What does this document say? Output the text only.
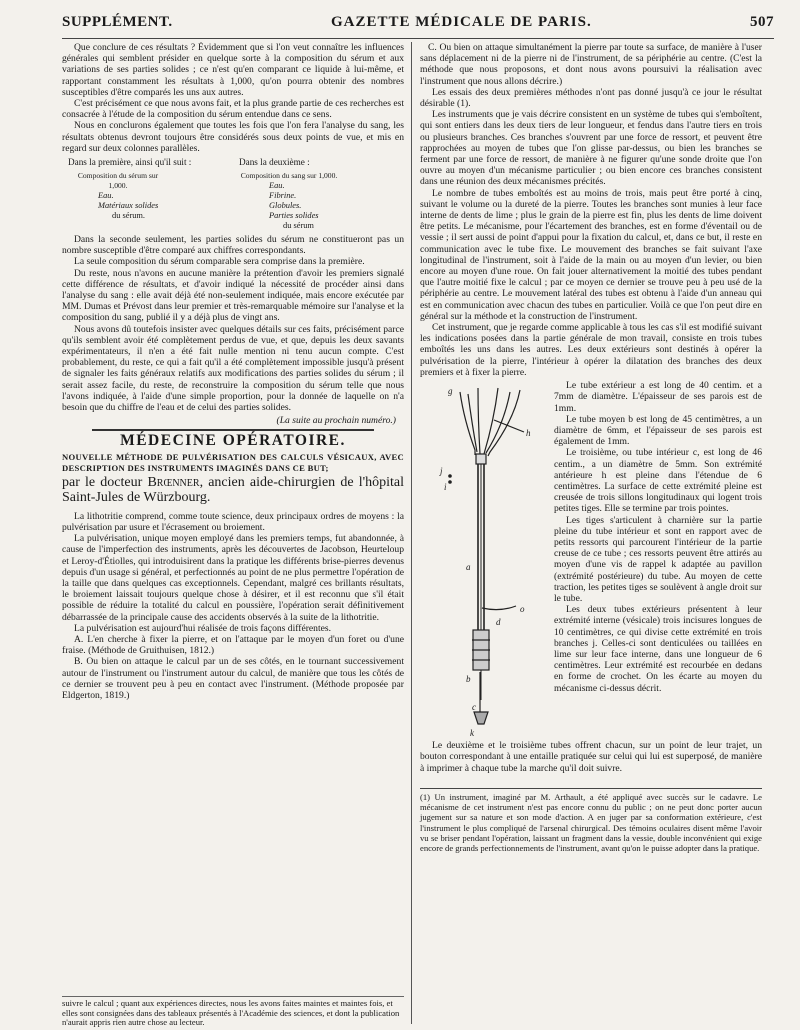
SUPPLÉMENT.	GAZETTE MÉDICALE DE PARIS.	507

Que conclure de ces résultats ? Évidemment que si l'on veut connaître les influences générales qui semblent présider en quelque sorte à la composition du sérum et aux variations de ses parties solides ; ce n'est qu'en comparant ce liquide à lui-même, et rapportant constamment les résultats à 1,000, qu'on pourra obtenir des nombres susceptibles d'être comparés les uns aux autres.

C'est précisément ce que nous avons fait, et la plus grande partie de ces recherches est consacrée à l'étude de la composition du sérum entendue dans ce sens.

Nous en conclurons également que toutes les fois que l'on fera l'analyse du sang, les résultats obtenus devront toujours être considérés sous deux points de vue, et mis en regard sur deux colonnes parallèles.

Dans la première, ainsi qu'il suit :
Composition du sérum sur 1,000.
Eau.
Matériaux solides
du sérum.
Dans la deuxième :
Composition du sang sur 1,000.
Eau.
Fibrine.
Globules.
Parties solides
du sérum

Dans la seconde seulement, les parties solides du sérum ne constitueront pas un nombre susceptible d'être comparé aux chiffres correspondants.

La seule composition du sérum comparable sera comprise dans la première.

Du reste, nous n'avons en aucune manière la prétention d'avoir les premiers signalé cette différence de résultats, et d'avoir indiqué la nécessité de procéder ainsi dans l'analyse du sang : elle avait déjà été non-seulement indiquée, mais encore exécutée par MM. Dumas et Prévost dans leur premier et très-remarquable mémoire sur l'analyse et la composition du sang, publié il y a déjà plus de vingt ans.

Nous avons dû toutefois insister avec quelques détails sur ces faits, précisément parce qu'ils semblent avoir été complètement perdus de vue, et que, depuis les deux savants expérimentateurs, il n'en a été fait nulle mention ni tenu aucun compte. C'est probablement, du reste, ce qui a fait qu'il a été complètement impossible jusqu'à présent de signaler les faits généraux relatifs aux modifications des parties solides du sérum ; il serait assez facile, du reste, de reconstruire la composition du sérum telle que nous l'avons indiquée, à l'aide d'une simple proportion, pour la donnée de laquelle on n'a besoin que du chiffre de l'eau et de celui des parties solides.

(La suite au prochain numéro.)
MÉDECINE OPÉRATOIRE.
NOUVELLE MÉTHODE DE PULVÉRISATION DES CALCULS VÉSICAUX, AVEC DESCRIPTION DES INSTRUMENTS IMAGINÉS DANS CE BUT;
par le docteur Brœnner, ancien aide-chirurgien de l'hôpital Saint-Jules de Würzbourg.

La lithotritie comprend, comme toute science, deux principaux ordres de moyens : la pulvérisation par usure et l'écrasement ou broiement.

La pulvérisation, unique moyen employé dans les premiers temps, fut abandonnée, à cause de l'imperfection des instruments, après les découvertes de Jacobson, Heurteloup et Leroy-d'Étiolles, qui introduisirent dans la pratique les différents brise-pierres devenus depuis d'un usage si général, et perfectionnés au point de ne plus permettre l'opération de la taille que dans quelques cas exceptionnels. Cependant, malgré ces brillants résultats, le broiement laissait toujours quelque chose à désirer, et il est reconnu que s'il était possible de réduire la totalité du calcul en poussière, l'opération serait définitivement débarrassée de la principale cause des accidents observés à la suite de la lithotritie.

La pulvérisation est aujourd'hui réalisée de trois façons différentes.

A. L'en cherche à fixer la pierre, et on l'attaque par le moyen d'un foret ou d'une fraise. (Méthode de Gruithuisen, 1812.)

B. Ou bien on attaque le calcul par un de ses côtés, en le tournant successivement autour de l'instrument ou l'instrument autour du calcul, de manière que tous les côtés de ce dernier se trouvent peu à peu en contact avec l'instrument. (Méthode proposée par Eldgerton, 1819.)

C. Ou bien on attaque simultanément la pierre par toute sa surface, de manière à l'user sans déplacement ni de la pierre ni de l'instrument, de sa périphérie au centre. (C'est la méthode que nous proposons, et dont nous avons poursuivi la réalisation avec l'instrument que nous allons décrire.)

Les essais des deux premières méthodes n'ont pas donné jusqu'à ce jour le résultat désirable (1).

Les instruments que je vais décrire consistent en un système de tubes qui s'emboîtent, qui sont entiers dans les deux tiers de leur longueur, et fendus dans l'autre tiers en trois ou plusieurs branches. Ces branches s'ouvrent par une force de ressort, et peuvent être rapprochées au moyen de tubes que l'on glisse par-dessus, ou bien les branches se ferment par une force de ressort, de manière à ne figurer qu'une sonde droite que l'on ouvre au moyen d'un mécanisme particulier ; ou bien encore ces branches consistent dans une réunion des deux mécanismes précités.

Le nombre de tubes emboîtés est au moins de trois, mais peut être porté à cinq, suivant le volume ou la dureté de la pierre. Toutes les branches sont munies à leur face interne de dents de lime ; plus le grain de la pierre est fin, plus les dents de lime doivent être petits. Le mécanisme, pour l'écartement des branches, est en forme d'éventail ou de vessie ; il sert aussi de point d'appui pour la fixation du calcul, et, dans ce but, il reste en communication avec le tube fixe. Le mouvement des branches se fait suivant l'axe longitudinal de l'instrument, soit à l'aide de la main ou au moyen d'un levier, ou bien encore au moyen d'une roue. On fait jouer alternativement la moitié des tubes pendant que l'autre moitié fixe le calcul ; par ce moyen ce dernier se trouve peu à peu usé de la périphérie au centre. Le mouvement latéral des tubes est obtenu à l'aide d'un anneau qui est en communication avec chacun des tubes en particulier. Voilà ce que l'on peut dire en général sur la méthode et la construction de l'instrument.

Cet instrument, que je regarde comme applicable à tous les cas s'il est modifié suivant les indications posées dans la partie générale de mon travail, consiste en trois tubes emboîtés les uns dans les autres. Les deux extérieurs sont destinés à opérer la pulvérisation de la pierre, l'intérieur à opérer la dilatation des branches des deux premiers et à fixer la pierre.

g
h
i
j
a
b
c
d
k
o

Le tube extérieur a est long de 40 centim. et a 7mm de diamètre. L'épaisseur de ses parois est de 1mm.

Le tube moyen b est long de 45 centimètres, a un diamètre de 6mm, et l'épaisseur de ses parois est également de 1mm.

Le troisième, ou tube intérieur c, est long de 46 centim., a un diamètre de 5mm. Son extrémité antérieure h est pleine dans l'étendue de 6 centimètres. La surface de cette extrémité pleine est creusée de trois sillons longitudinaux qui logent trois petites tiges. Elle se termine par trois pointes.

Les tiges s'articulent à charnière sur la partie pleine du tube intérieur et sont en rapport avec de petits ressorts qui parcourent l'intérieur de la partie creuse de ce tube ; ces ressorts peuvent être attirés au moyen d'une vis de rappel k adaptée au pavillon (extrémité postérieure) du tube. Au moyen de cette traction, les petites tiges se soulèvent à angle droit sur le tube.

Les deux tubes extérieurs présentent à leur extrémité interne (vésicale) trois incisures longues de 10 centimètres, ce qui divise cette extrémité en trois branches j. Celles-ci sont denticulées ou taillées en lime sur leur face interne, dans une longueur de 6 centimètres. Leur extrémité est recourbée en dedans en forme de crochet. On les écarte au moyen du mécanisme ci-dessus décrit.

Le deuxième et le troisième tubes offrent chacun, sur un point de leur trajet, un bouton correspondant à une entaille pratiquée sur celui qui lui est superposé, de manière à imprimer à chaque tube la marche qu'il doit suivre.

(1) Un instrument, imaginé par M. Arthault, a été appliqué avec succès sur le cadavre. Le mécanisme de cet instrument n'est pas encore connu du public ; on ne peut donc porter aucun jugement sur sa nature et son mode d'action. A en juger par sa conformation extérieure, c'est l'instrument le plus compliqué de l'arsenal chirurgical. Des témoins oculaires disent même l'avoir vu se briser pendant l'opération, laissant un fragment dans la vessie, double inconvénient qui exige encore de grands perfectionnements de l'instrument, avant qu'on le puisse adopter dans la pratique.
suivre le calcul ; quant aux expériences directes, nous les avons faites maintes et maintes fois, et elles sont consignées dans des tableaux présentés à l'Académie des sciences, et dont la publication n'aurait appris rien autre chose au lecteur.
